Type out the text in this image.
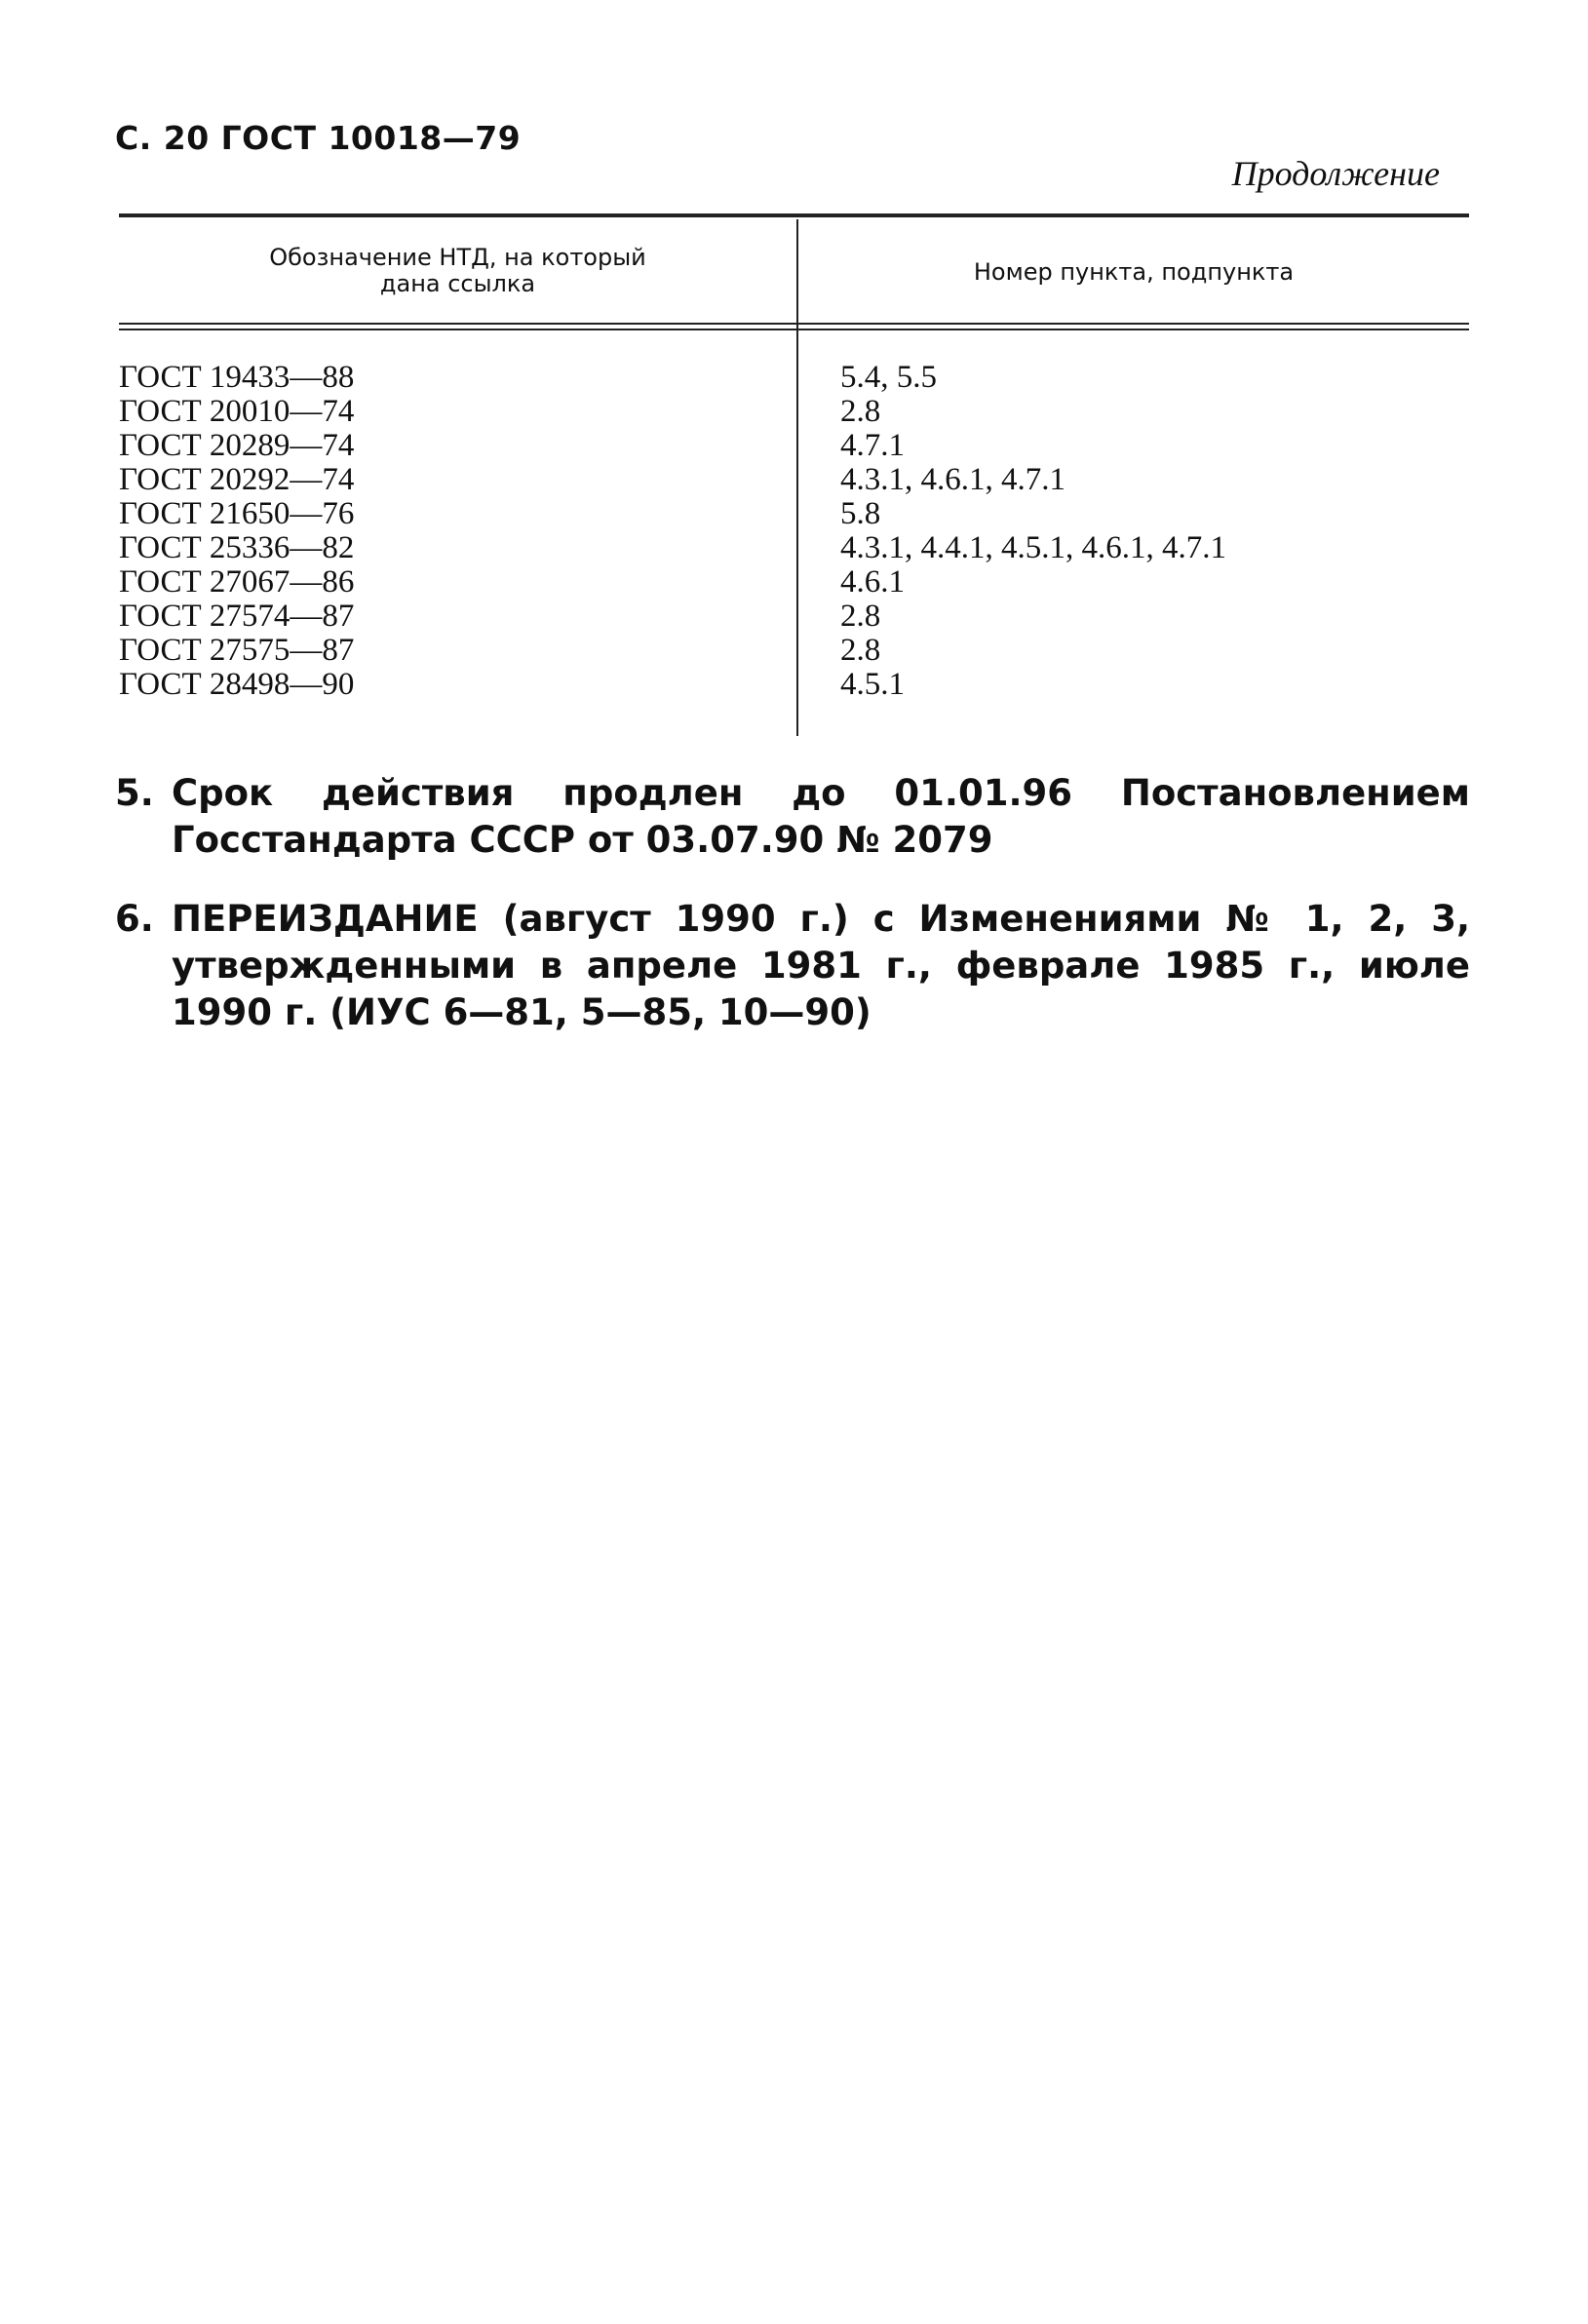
С. 20 ГОСТ 10018—79
Продолжение
Обозначение НТД, на который
дана ссылка	Номер пункта, подпункта
ГОСТ 19433—88	5.4, 5.5
ГОСТ 20010—74	2.8
ГОСТ 20289—74	4.7.1
ГОСТ 20292—74	4.3.1, 4.6.1, 4.7.1
ГОСТ 21650—76	5.8
ГОСТ 25336—82	4.3.1, 4.4.1, 4.5.1, 4.6.1, 4.7.1
ГОСТ 27067—86	4.6.1
ГОСТ 27574—87	2.8
ГОСТ 27575—87	2.8
ГОСТ 28498—90	4.5.1
5. Срок действия продлен до 01.01.96 Постановлением Госстандарта СССР от 03.07.90 № 2079
6. ПЕРЕИЗДАНИЕ (август 1990 г.) с Изменениями № 1, 2, 3, утвержденными в апреле 1981 г., феврале 1985 г., июле 1990 г. (ИУС 6—81, 5—85, 10—90)
